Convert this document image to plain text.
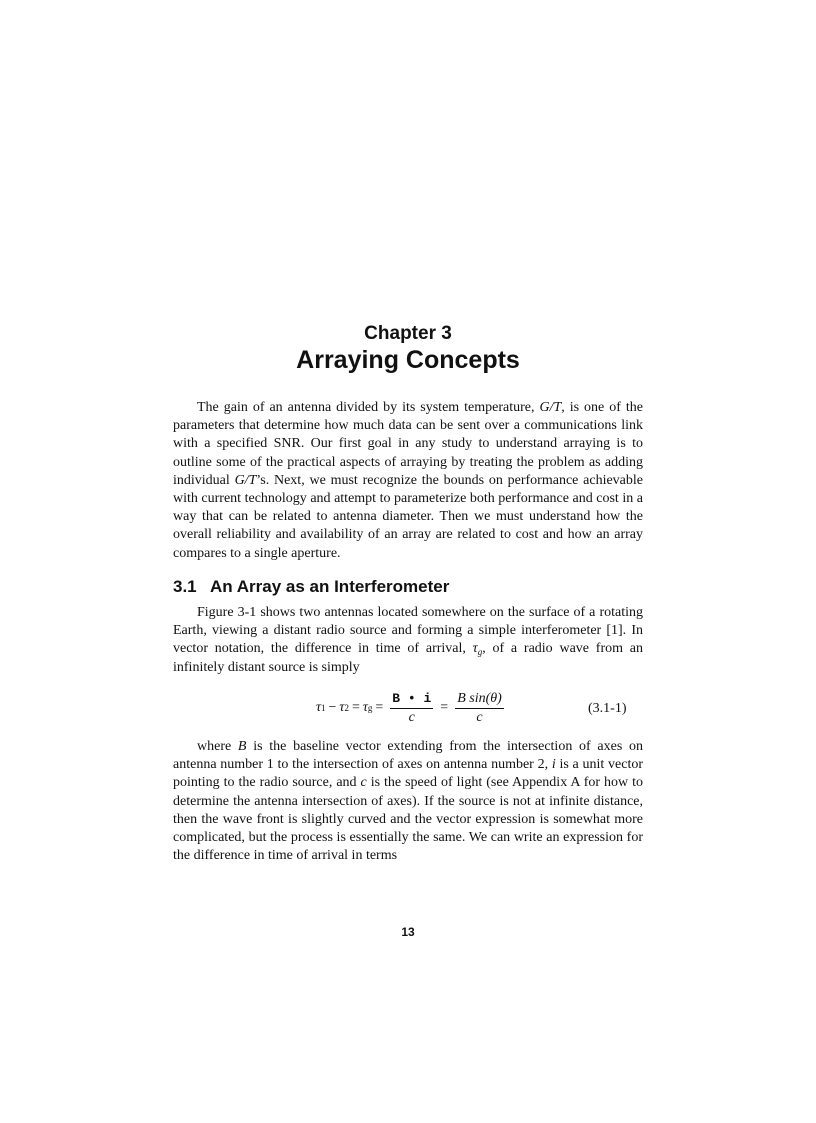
Chapter 3
Arraying Concepts

The gain of an antenna divided by its system temperature, G/T, is one of the parameters that determine how much data can be sent over a communications link with a specified SNR. Our first goal in any study to understand arraying is to outline some of the practical aspects of arraying by treating the problem as adding individual G/T’s. Next, we must recognize the bounds on performance achievable with current technology and attempt to parameterize both performance and cost in a way that can be related to antenna diameter. Then we must understand how the overall reliability and availability of an array are related to cost and how an array compares to a single aperture.

3.1 An Array as an Interferometer

Figure 3-1 shows two antennas located somewhere on the surface of a rotating Earth, viewing a distant radio source and forming a simple interferometer [1]. In vector notation, the difference in time of arrival, $\tau_g$, of a radio wave from an infinitely distant source is simply

τ 1 − τ 2 = τ $g = \frac{B • i}{c} = \frac{\text{B sin(θ)}}{c}$	(3.1-1)

where B is the baseline vector extending from the intersection of axes on antenna number 1 to the intersection of axes on antenna number 2, i is a unit vector pointing to the radio source, and c is the speed of light (see Appendix A for how to determine the antenna intersection of axes). If the source is not at infinite distance, then the wave front is slightly curved and the vector expression is somewhat more complicated, but the process is essentially the same. We can write an expression for the difference in time of arrival in terms

13
